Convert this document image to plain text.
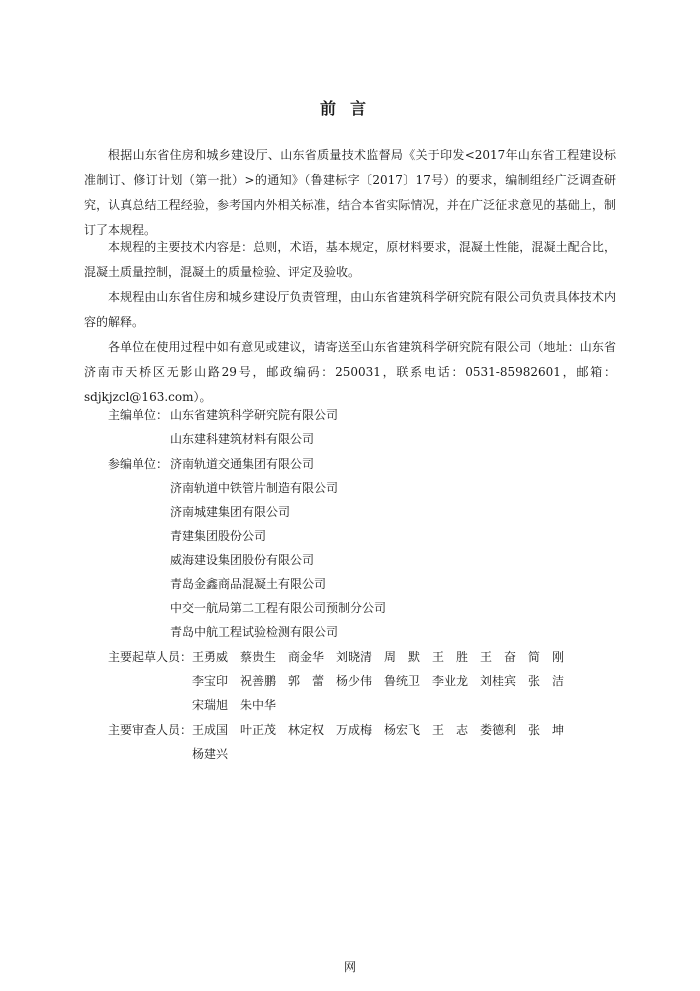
前言

根据山东省住房和城乡建设厅、山东省质量技术监督局《关于印发<2017年山东省工程建设标准制订、修订计划（第一批）>的通知》（鲁建标字〔2017〕17号）的要求，编制组经广泛调查研究，认真总结工程经验，参考国内外相关标准，结合本省实际情况，并在广泛征求意见的基础上，制订了本规程。

本规程的主要技术内容是：总则，术语，基本规定，原材料要求，混凝土性能，混凝土配合比，混凝土质量控制，混凝土的质量检验、评定及验收。

本规程由山东省住房和城乡建设厅负责管理，由山东省建筑科学研究院有限公司负责具体技术内容的解释。

各单位在使用过程中如有意见或建议，请寄送至山东省建筑科学研究院有限公司（地址：山东省济南市天桥区无影山路29号，邮政编码：250031，联系电话：0531-85982601，邮箱：sdjkjzcl@163.com）。

主编单位： 山东省建筑科学研究院有限公司
山东建科建筑材料有限公司
参编单位： 济南轨道交通集团有限公司
济南轨道中铁管片制造有限公司
济南城建集团有限公司
青建集团股份公司
威海建设集团股份有限公司
青岛金鑫商品混凝土有限公司
中交一航局第二工程有限公司预制分公司
青岛中航工程试验检测有限公司
主要起草人员： 王勇威 蔡贵生 商金华 刘晓清 周　默 王　胜 王　奋 简　刚
李宝印 祝善鹏 郭　蕾 杨少伟 鲁统卫 李业龙 刘桂宾 张　洁
宋瑞旭 朱中华
主要审查人员： 王成国 叶正茂 林定权 万成梅 杨宏飞 王　志 娄德利 张　坤
杨建兴
网
